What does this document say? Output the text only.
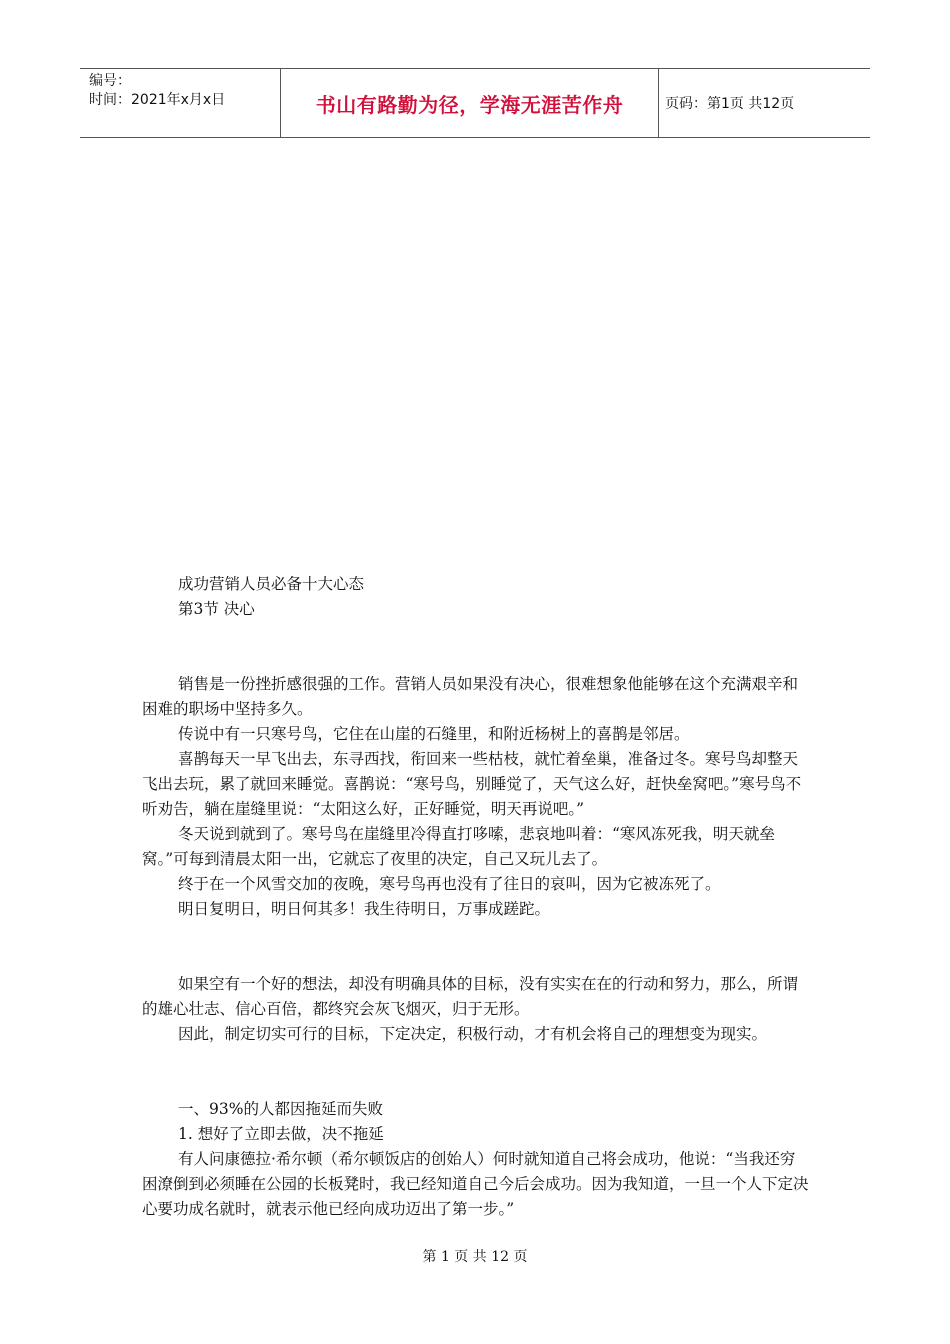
编号：
时间：2021年x月x日	书山有路勤为径，学海无涯苦作舟	页码：第1页 共12页

成功营销人员必备十大心态

第3节 决心

销售是一份挫折感很强的工作。营销人员如果没有决心，很难想象他能够在这个充满艰辛和困难的职场中坚持多久。

传说中有一只寒号鸟，它住在山崖的石缝里，和附近杨树上的喜鹊是邻居。

喜鹊每天一早飞出去，东寻西找，衔回来一些枯枝，就忙着垒巢，准备过冬。寒号鸟却整天飞出去玩，累了就回来睡觉。喜鹊说：“寒号鸟，别睡觉了，天气这么好，赶快垒窝吧。”寒号鸟不听劝告，躺在崖缝里说：“太阳这么好，正好睡觉，明天再说吧。”

冬天说到就到了。寒号鸟在崖缝里冷得直打哆嗦，悲哀地叫着：“寒风冻死我，明天就垒窝。”可每到清晨太阳一出，它就忘了夜里的决定，自己又玩儿去了。

终于在一个风雪交加的夜晚，寒号鸟再也没有了往日的哀叫，因为它被冻死了。

明日复明日，明日何其多！我生待明日，万事成蹉跎。

如果空有一个好的想法，却没有明确具体的目标，没有实实在在的行动和努力，那么，所谓的雄心壮志、信心百倍，都终究会灰飞烟灭，归于无形。

因此，制定切实可行的目标，下定决定，积极行动，才有机会将自己的理想变为现实。

一、93%的人都因拖延而失败

1. 想好了立即去做，决不拖延

有人问康德拉·希尔顿（希尔顿饭店的创始人）何时就知道自己将会成功，他说：“当我还穷困潦倒到必须睡在公园的长板凳时，我已经知道自己今后会成功。因为我知道，一旦一个人下定决心要功成名就时，就表示他已经向成功迈出了第一步。”

第 1 页 共 12 页
